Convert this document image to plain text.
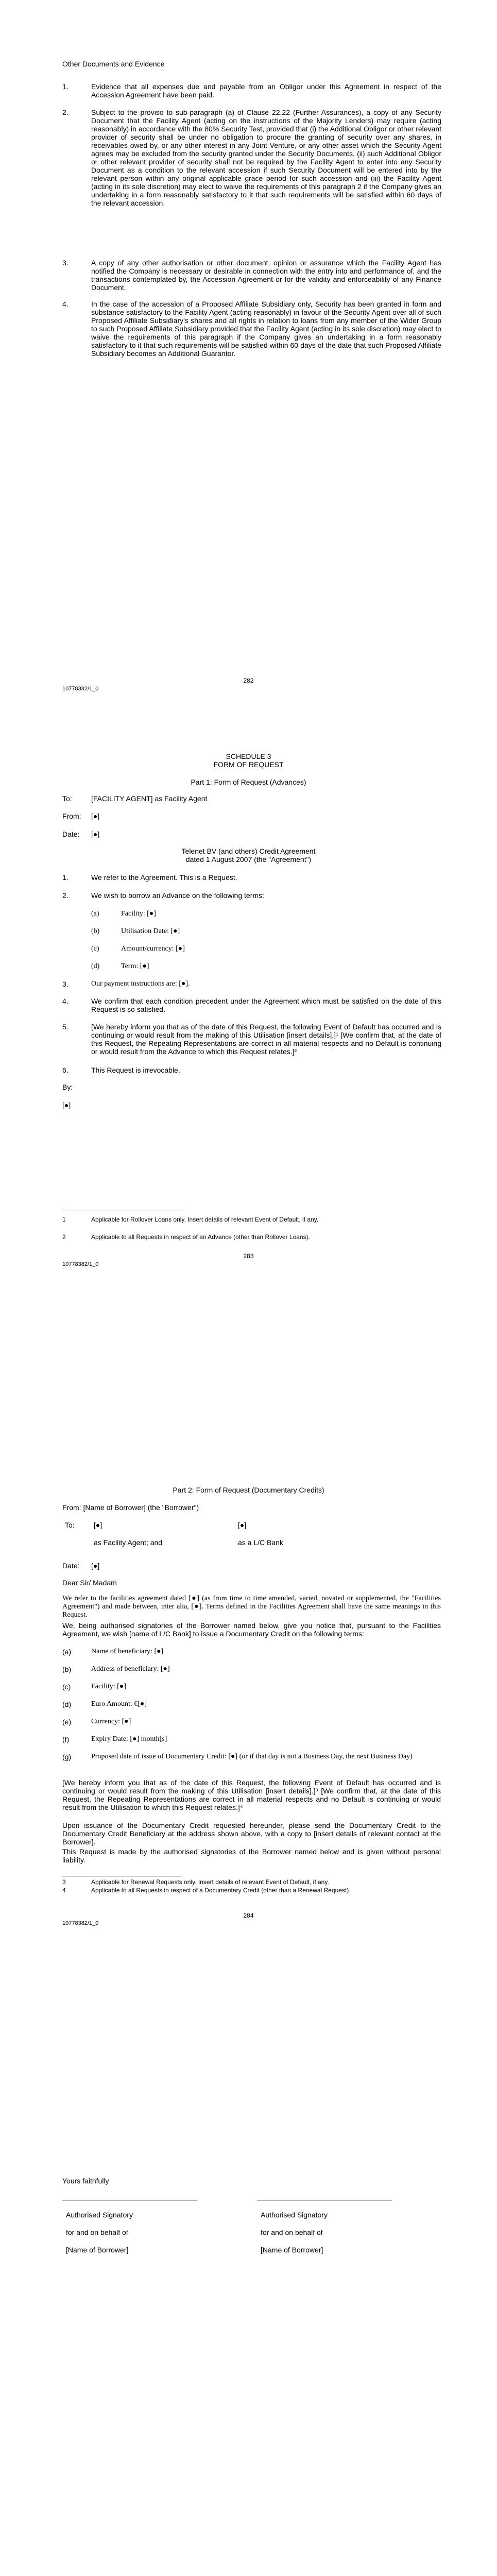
Other Documents and Evidence
1.	Evidence that all expenses due and payable from an Obligor under this Agreement in respect of the Accession Agreement have been paid.
2.	Subject to the proviso to sub-paragraph (a) of Clause 22.22 (Further Assurances), a copy of any Security Document that the Facility Agent (acting on the instructions of the Majority Lenders) may require (acting reasonably) in accordance with the 80% Security Test, provided that (i) the Additional Obligor or other relevant provider of security shall be under no obligation to procure the granting of security over any shares, in receivables owed by, or any other interest in any Joint Venture, or any other asset which the Security Agent agrees may be excluded from the security granted under the Security Documents, (ii) such Additional Obligor or other relevant provider of security shall not be required by the Facility Agent to enter into any Security Document as a condition to the relevant accession if such Security Document will be entered into by the relevant person within any original applicable grace period for such accession and (iii) the Facility Agent (acting in its sole discretion) may elect to waive the requirements of this paragraph 2 if the Company gives an undertaking in a form reasonably satisfactory to it that such requirements will be satisfied within 60 days of the relevant accession.
3.	A copy of any other authorisation or other document, opinion or assurance which the Facility Agent has notified the Company is necessary or desirable in connection with the entry into and performance of, and the transactions contemplated by, the Accession Agreement or for the validity and enforceability of any Finance Document.
4.	In the case of the accession of a Proposed Affiliate Subsidiary only, Security has been granted in form and substance satisfactory to the Facility Agent (acting reasonably) in favour of the Security Agent over all of such Proposed Affiliate Subsidiary's shares and all rights in relation to loans from any member of the Wider Group to such Proposed Affiliate Subsidiary provided that the Facility Agent (acting in its sole discretion) may elect to waive the requirements of this paragraph if the Company gives an undertaking in a form reasonably satisfactory to it that such requirements will be satisfied within 60 days of the date that such Proposed Affiliate Subsidiary becomes an Additional Guarantor.
282
10778382/1_0
SCHEDULE 3
FORM OF REQUEST
Part 1: Form of Request (Advances)
To:	[FACILITY AGENT] as Facility Agent
From: [●]
Date: [●]
Telenet BV (and others) Credit Agreement
dated 1 August 2007 (the "Agreement")
1.	We refer to the Agreement. This is a Request.
2.	We wish to borrow an Advance on the following terms:
(a)	Facility: [●]
(b)	Utilisation Date: [●]
(c)	Amount/currency: [●]
(d)	Term: [●]
3.	Our payment instructions are: [●].
4.	We confirm that each condition precedent under the Agreement which must be satisfied on the date of this Request is so satisfied.
5.	[We hereby inform you that as of the date of this Request, the following Event of Default has occurred and is continuing or would result from the making of this Utilisation [insert details].]¹ [We confirm that, at the date of this Request, the Repeating Representations are correct in all material respects and no Default is continuing or would result from the Advance to which this Request relates.]²
6.	This Request is irrevocable.
By:
[●]
1	Applicable for Rollover Loans only. Insert details of relevant Event of Default, if any.
2	Applicable to all Requests in respect of an Advance (other than Rollover Loans).
283
10778382/1_0
Part 2: Form of Request (Documentary Credits)
From: [Name of Borrower] (the "Borrower")
To:	[●]
as Facility Agent; and
[●]
as a L/C Bank
Date: [●]
Dear Sir/ Madam
We refer to the facilities agreement dated [●] (as from time to time amended, varied, novated or supplemented, the "Facilities Agreement") and made between, inter alia, [●]. Terms defined in the Facilities Agreement shall have the same meanings in this Request.
We, being authorised signatories of the Borrower named below, give you notice that, pursuant to the Facilities Agreement, we wish [name of L/C Bank] to issue a Documentary Credit on the following terms:
(a)	Name of beneficiary: [●]
(b)	Address of beneficiary: [●]
(c)	Facility: [●]
(d)	Euro Amount: €[●]
(e)	Currency: [●]
(f)	Expiry Date: [●] month[s]
(g)	Proposed date of issue of Documentary Credit: [●] (or if that day is not a Business Day, the next Business Day)
[We hereby inform you that as of the date of this Request, the following Event of Default has occurred and is continuing or would result from the making of this Utilisation [insert details].]³ [We confirm that, at the date of this Request, the Repeating Representations are correct in all material respects and no Default is continuing or would result from the Utilisation to which this Request relates.]⁴
Upon issuance of the Documentary Credit requested hereunder, please send the Documentary Credit to the Documentary Credit Beneficiary at the address shown above, with a copy to [insert details of relevant contact at the Borrower].
This Request is made by the authorised signatories of the Borrower named below and is given without personal liability.
3	Applicable for Renewal Requests only. Insert details of relevant Event of Default, if any.
4	Applicable to all Requests in respect of a Documentary Credit (other than a Renewal Request).
284
10778382/1_0
Yours faithfully
Authorised Signatory
for and on behalf of
[Name of Borrower]
Authorised Signatory
for and on behalf of
[Name of Borrower]
